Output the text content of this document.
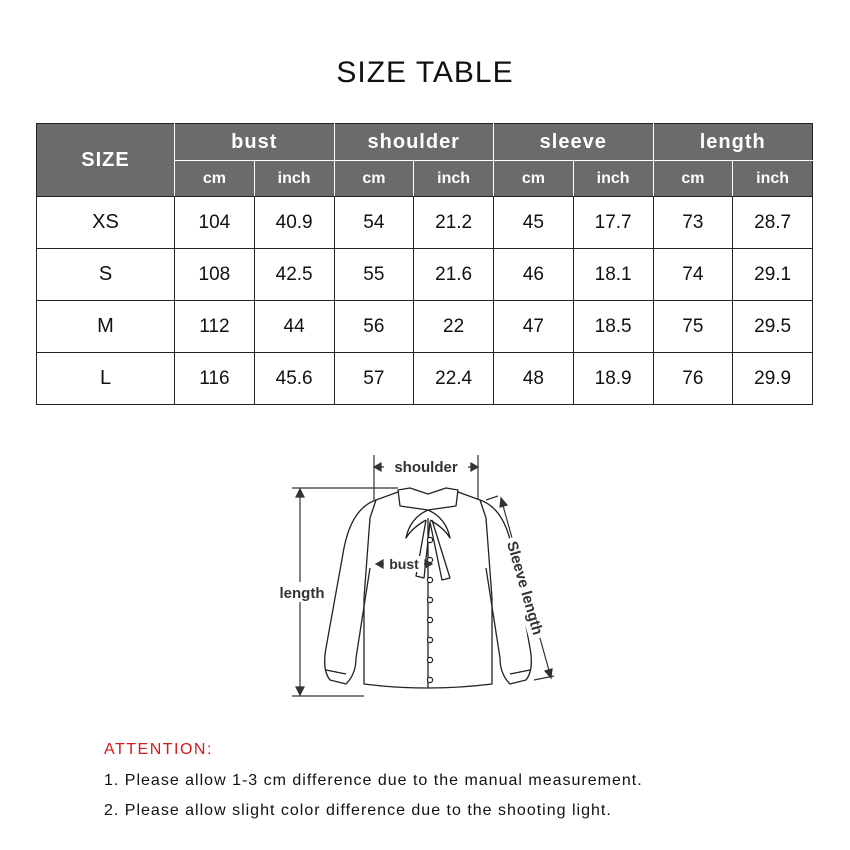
SIZE TABLE
SIZE	bust		shoulder		sleeve		length	
	cm	inch	cm	inch	cm	inch	cm	inch
XS	104	40.9	54	21.2	45	17.7	73	28.7
S	108	42.5	55	21.6	46	18.1	74	29.1
M	112	44	56	22	47	18.5	75	29.5
L	116	45.6	57	22.4	48	18.9	76	29.9
shoulder
bust
length	Sleeve length
ATTENTION:
1. Please allow 1-3 cm difference due to the manual measurement.
2. Please allow slight color difference due to the shooting light.
